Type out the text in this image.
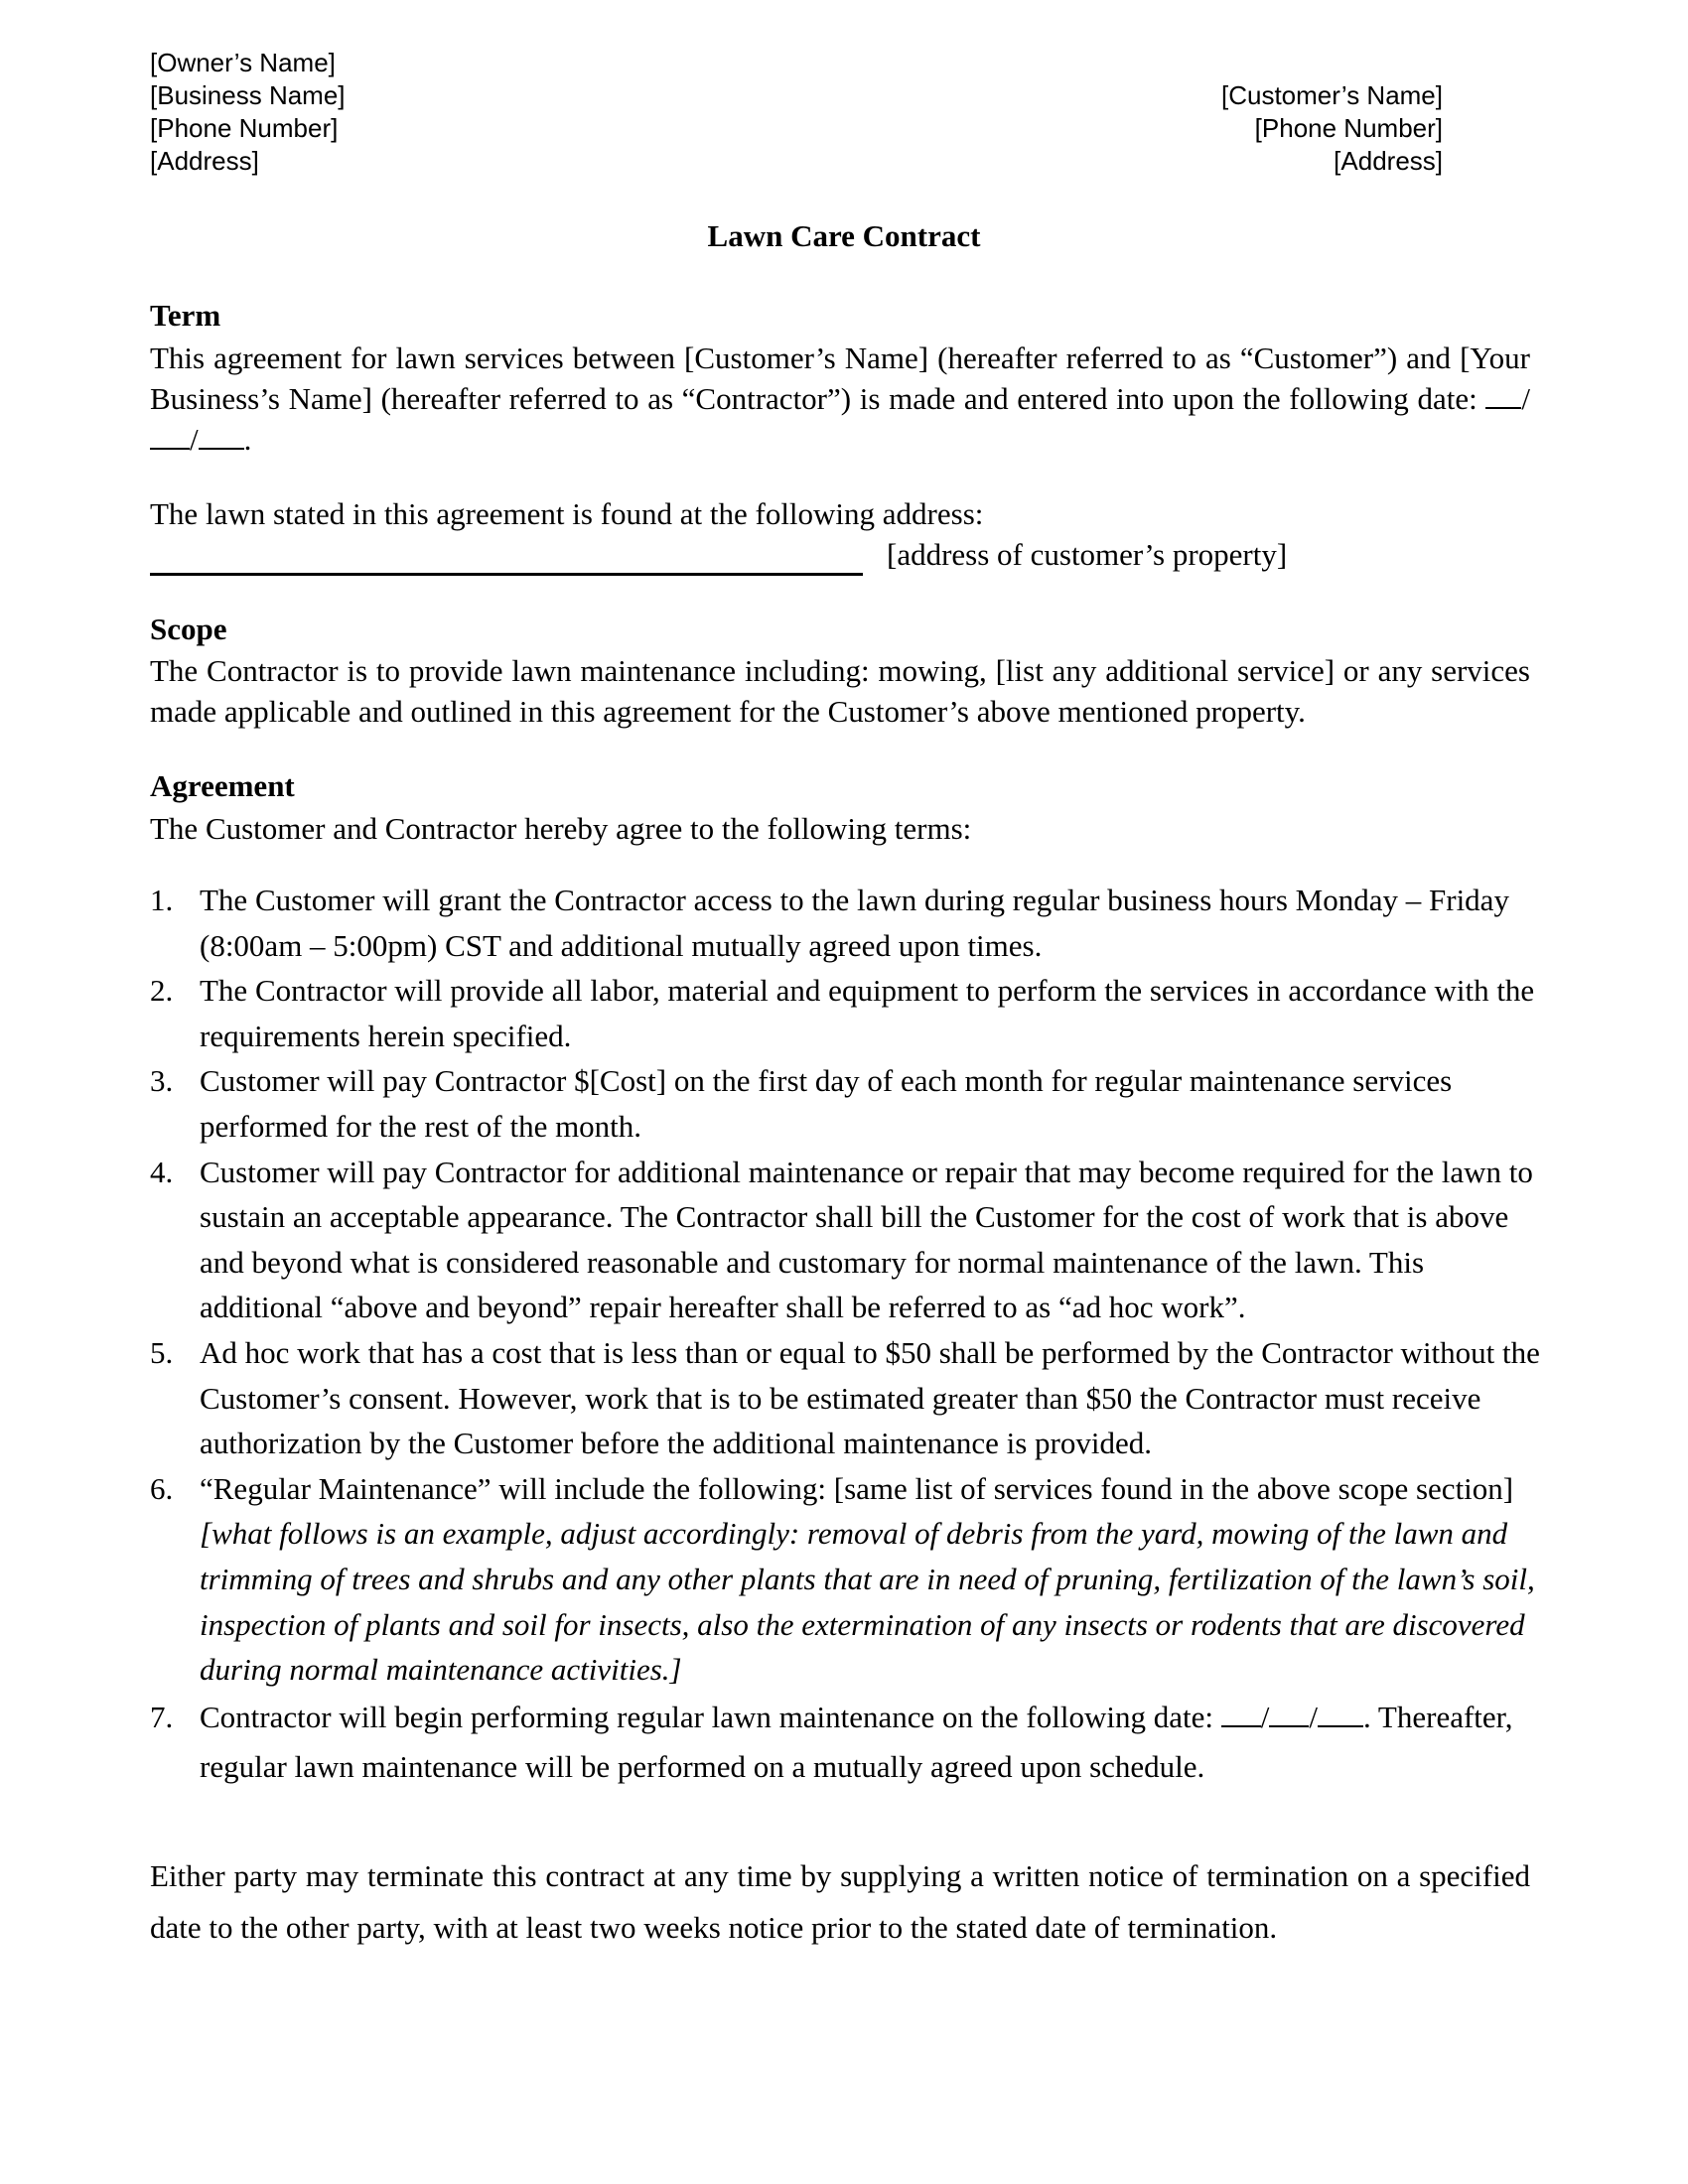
[Owner’s Name]
[Business Name]
[Phone Number]
[Address]
[Customer’s Name]
[Phone Number]
[Address]
Lawn Care Contract
Term
This agreement for lawn services between [Customer’s Name] (hereafter referred to as “Customer”) and [Your Business’s Name] (hereafter referred to as “Contractor”) is made and entered into upon the following date: // .
The lawn stated in this agreement is found at the following address:
[address of customer’s property]
Scope
The Contractor is to provide lawn maintenance including: mowing, [list any additional service] or any services made applicable and outlined in this agreement for the Customer’s above mentioned property.
Agreement
The Customer and Contractor hereby agree to the following terms:
1. The Customer will grant the Contractor access to the lawn during regular business hours Monday – Friday (8:00am – 5:00pm) CST and additional mutually agreed upon times.
2. The Contractor will provide all labor, material and equipment to perform the services in accordance with the requirements herein specified.
3. Customer will pay Contractor $[Cost] on the first day of each month for regular maintenance services performed for the rest of the month.
4. Customer will pay Contractor for additional maintenance or repair that may become required for the lawn to sustain an acceptable appearance. The Contractor shall bill the Customer for the cost of work that is above and beyond what is considered reasonable and customary for normal maintenance of the lawn. This additional “above and beyond” repair hereafter shall be referred to as “ad hoc work”.
5. Ad hoc work that has a cost that is less than or equal to $50 shall be performed by the Contractor without the Customer’s consent. However, work that is to be estimated greater than $50 the Contractor must receive authorization by the Customer before the additional maintenance is provided.
6. “Regular Maintenance” will include the following: [same list of services found in the above scope section] [what follows is an example, adjust accordingly: removal of debris from the yard, mowing of the lawn and trimming of trees and shrubs and any other plants that are in need of pruning, fertilization of the lawn’s soil, inspection of plants and soil for insects, also the extermination of any insects or rodents that are discovered during normal maintenance activities.]
7. Contractor will begin performing regular lawn maintenance on the following date: / / . Thereafter, regular lawn maintenance will be performed on a mutually agreed upon schedule.
Either party may terminate this contract at any time by supplying a written notice of termination on a specified date to the other party, with at least two weeks notice prior to the stated date of termination.
